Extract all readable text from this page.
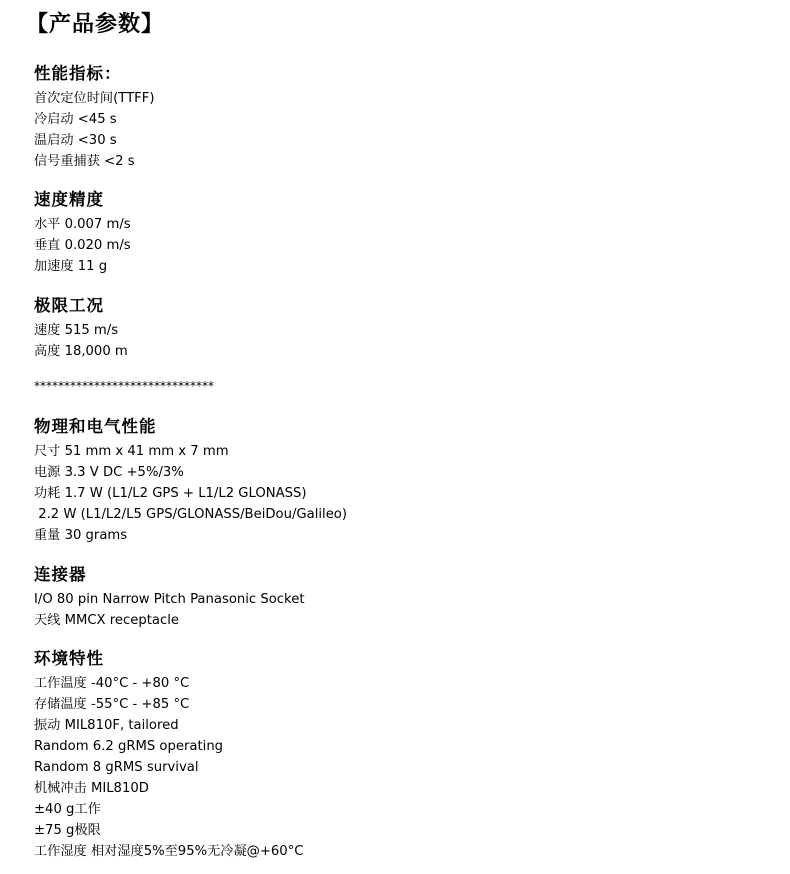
【产品参数】
性能指标：
首次定位时间(TTFF)
冷启动 <45 s
温启动 <30 s
信号重捕获 <2 s
速度精度
水平 0.007 m/s
垂直 0.020 m/s
加速度 11 g
极限工况
速度 515 m/s
高度 18,000 m
******************************
物理和电气性能
尺寸 51 mm x 41 mm x 7 mm
电源 3.3 V DC +5%/3%
功耗 1.7 W (L1/L2 GPS + L1/L2 GLONASS)
2.2 W (L1/L2/L5 GPS/GLONASS/BeiDou/Galileo)
重量 30 grams
连接器
I/O 80 pin Narrow Pitch Panasonic Socket
天线 MMCX receptacle
环境特性
工作温度 -40°C - +80 °C
存储温度 -55°C - +85 °C
振动 MIL810F, tailored
Random 6.2 gRMS operating
Random 8 gRMS survival
机械冲击 MIL810D
±40 g工作
±75 g极限
工作湿度 相对湿度5%至95%无冷凝@+60°C
